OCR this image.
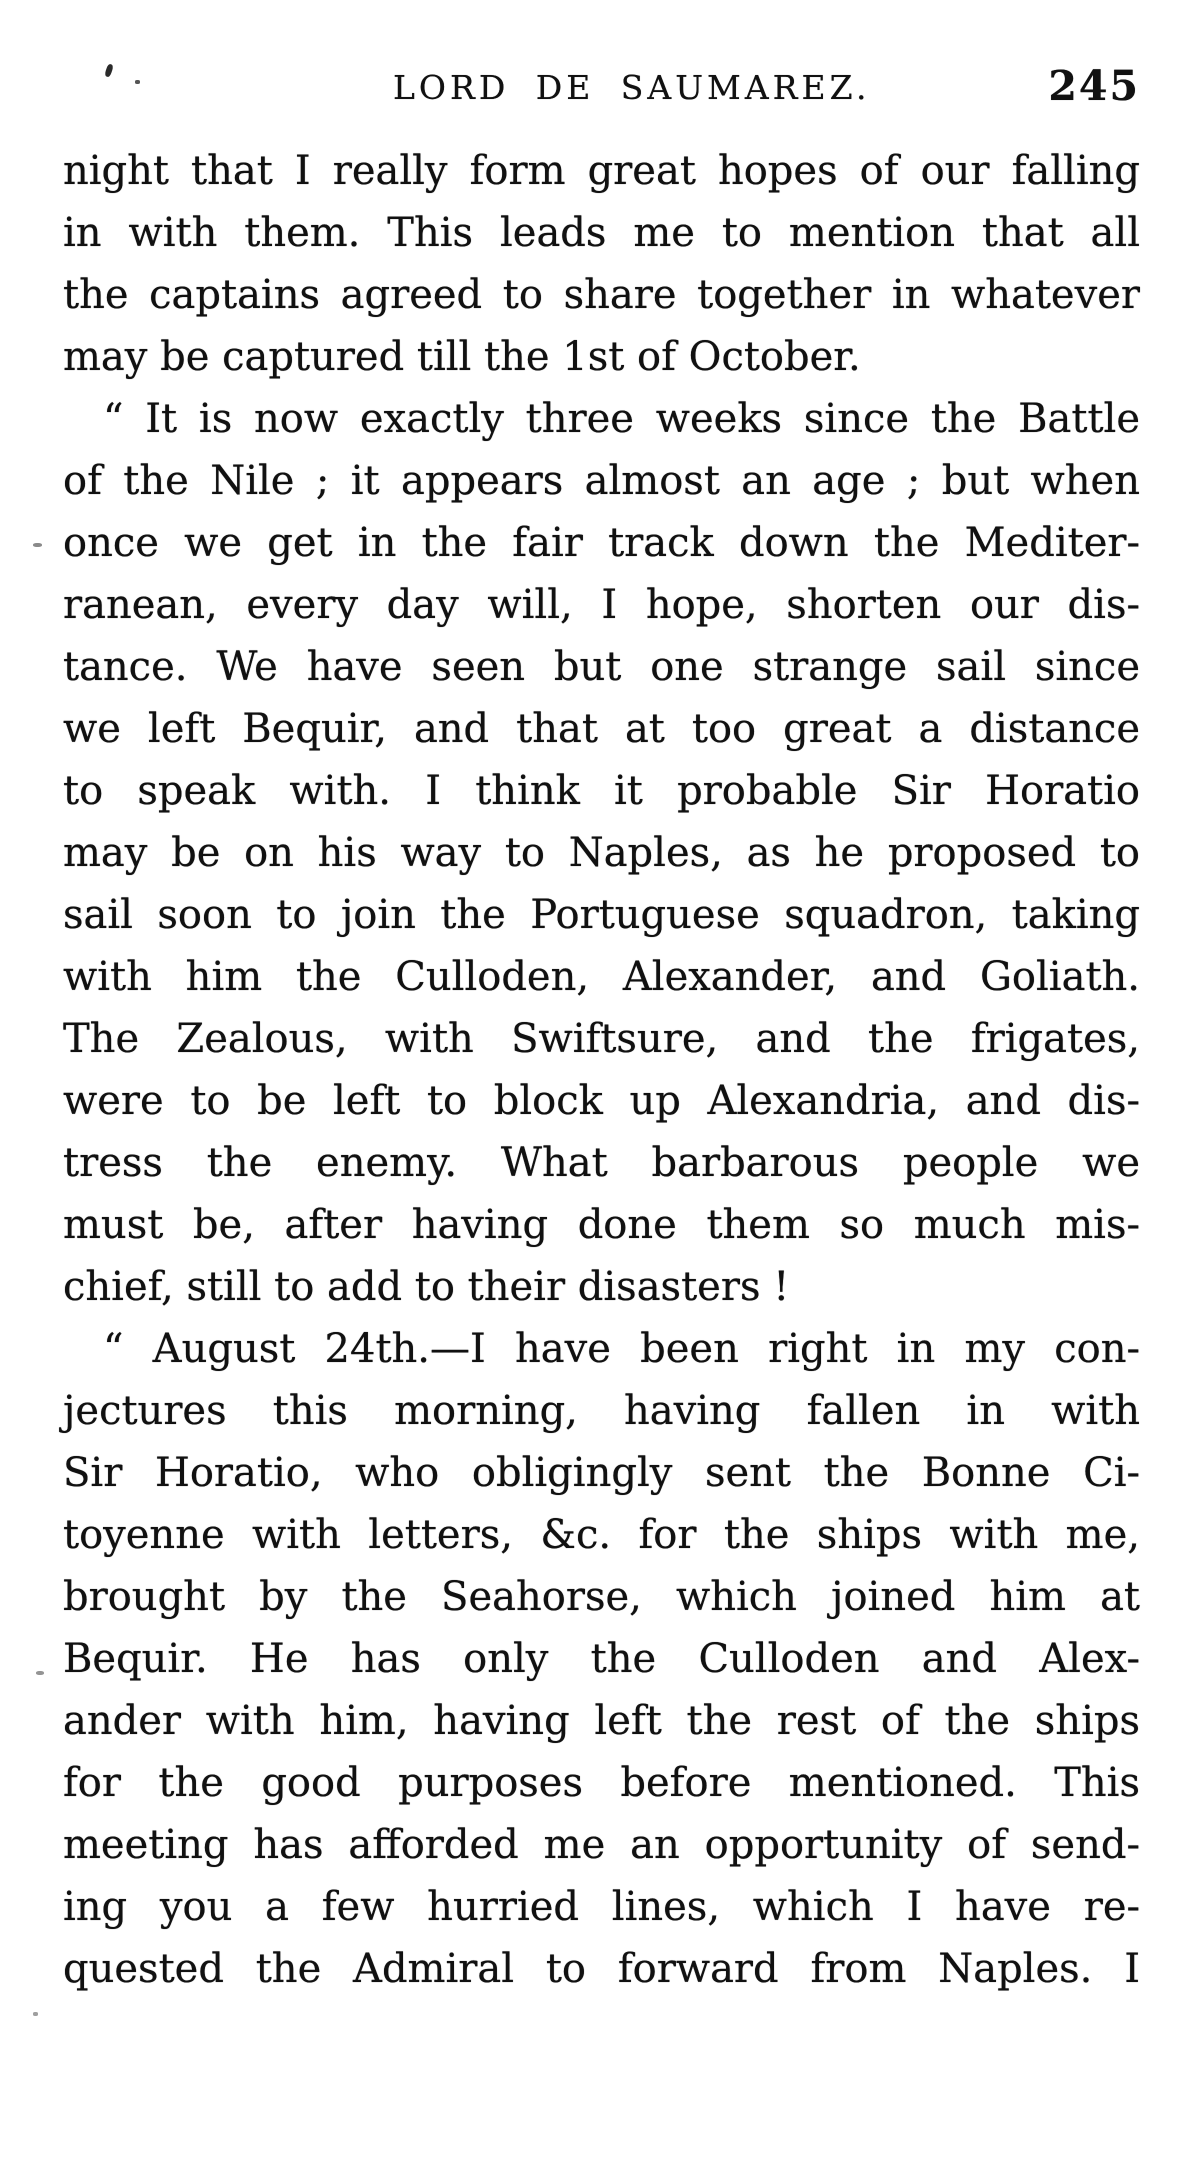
LORD DE SAUMAREZ.	245
night that I really form great hopes of our falling
in with them. This leads me to mention that all
the captains agreed to share together in whatever
may be captured till the 1st of October.
“ It is now exactly three weeks since the Battle
of the Nile ; it appears almost an age ; but when
once we get in the fair track down the Mediter-
ranean, every day will, I hope, shorten our dis-
tance. We have seen but one strange sail since
we left Bequir, and that at too great a distance
to speak with. I think it probable Sir Horatio
may be on his way to Naples, as he proposed to
sail soon to join the Portuguese squadron, taking
with him the Culloden, Alexander, and Goliath.
The Zealous, with Swiftsure, and the frigates,
were to be left to block up Alexandria, and dis-
tress the enemy. What barbarous people we
must be, after having done them so much mis-
chief, still to add to their disasters !
“ August 24th.—I have been right in my con-
jectures this morning, having fallen in with
Sir Horatio, who obligingly sent the Bonne Ci-
toyenne with letters, &c. for the ships with me,
brought by the Seahorse, which joined him at
Bequir. He has only the Culloden and Alex-
ander with him, having left the rest of the ships
for the good purposes before mentioned. This
meeting has afforded me an opportunity of send-
ing you a few hurried lines, which I have re-
quested the Admiral to forward from Naples. I
